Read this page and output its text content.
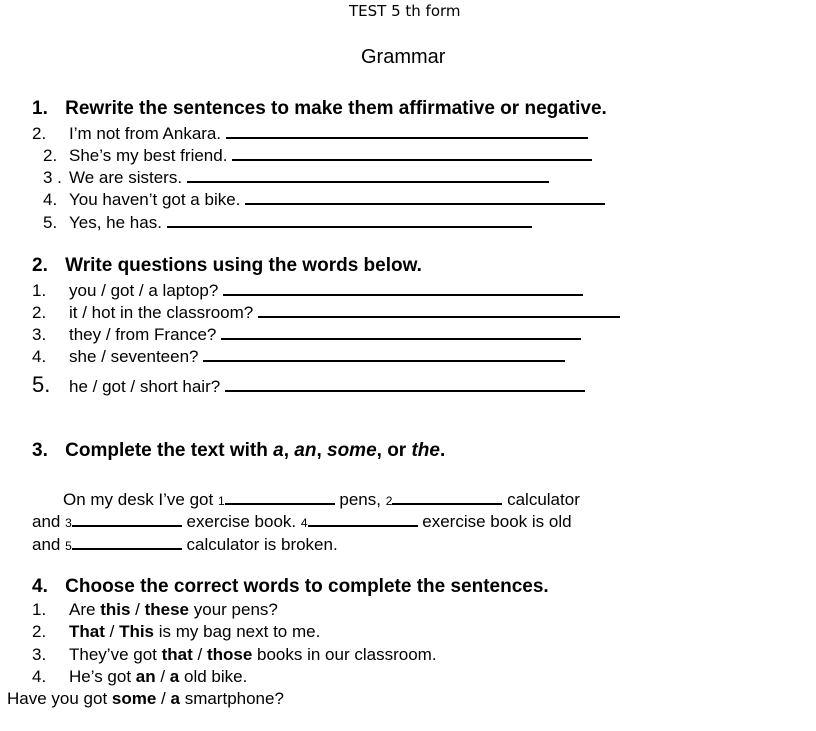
TEST 5 th form
Grammar
1. Rewrite the sentences to make them affirmative or negative.
2. I’m not from Ankara.
2. She’s my best friend.
3 . We are sisters.
4. You haven’t got a bike.
5. Yes, he has.
2. Write questions using the words below.
1. you / got / a laptop?
2. it / hot in the classroom?
3. they / from France?
4. she / seventeen?
5. he / got / short hair?
3. Complete the text with a, an, some, or the.
On my desk I’ve got 1	pens, 2	calculator
and 3	exercise book. 4	exercise book is old
and 5	calculator is broken.
4. Choose the correct words to complete the sentences.
1. Are this / these your pens?
2. That / This is my bag next to me.
3. They’ve got that / those books in our classroom.
4. He’s got an / a old bike.
Have you got some / a smartphone?
